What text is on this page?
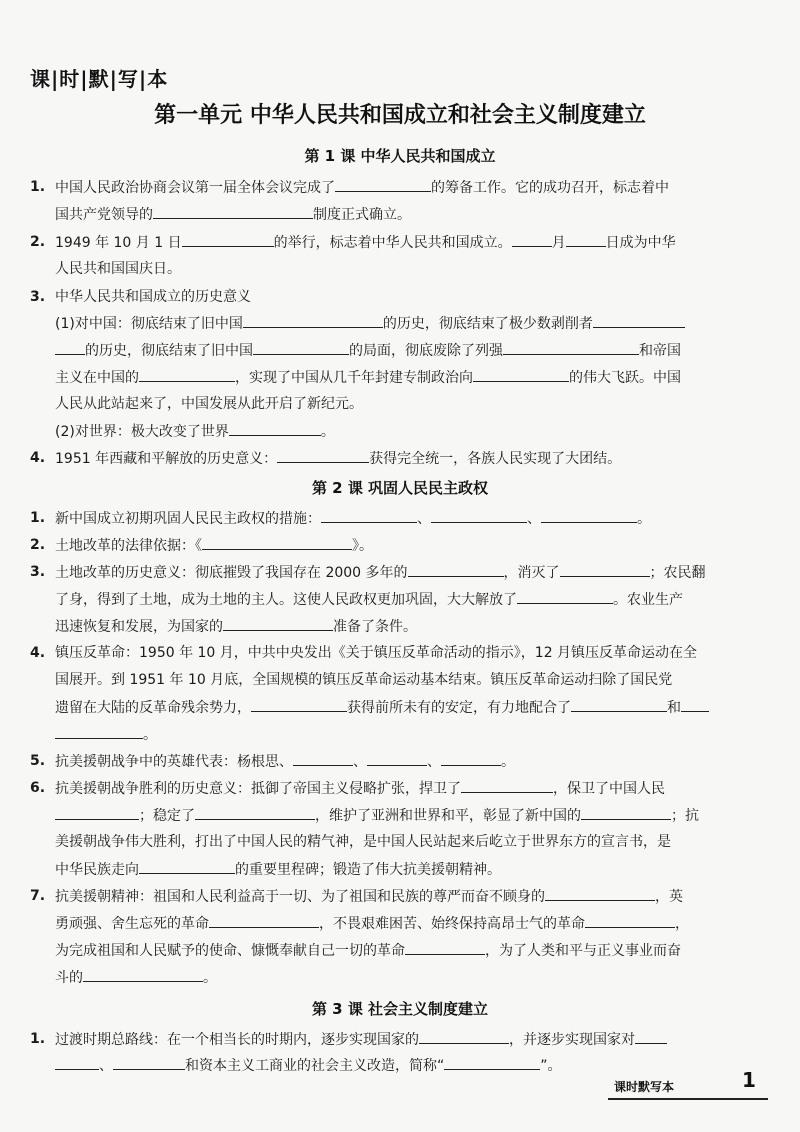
课|时|默|写|本
第一单元 中华人民共和国成立和社会主义制度建立
第 1 课 中华人民共和国成立
1. 中国人民政治协商会议第一届全体会议完成了	的筹备工作。它的成功召开，标志着中
国共产党领导的	制度正式确立。
2. 1949 年 10 月 1 日	的举行，标志着中华人民共和国成立。	月	日成为中华
人民共和国国庆日。
3. 中华人民共和国成立的历史意义
(1)对中国：彻底结束了旧中国	的历史，彻底结束了极少数剥削者
的历史，彻底结束了旧中国	的局面，彻底废除了列强	和帝国
主义在中国的	，实现了中国从几千年封建专制政治向	的伟大飞跃。中国
人民从此站起来了，中国发展从此开启了新纪元。
(2)对世界：极大改变了世界	。
4. 1951 年西藏和平解放的历史意义：	获得完全统一，各族人民实现了大团结。
第 2 课 巩固人民民主政权
1. 新中国成立初期巩固人民民主政权的措施：	、	、	。
2. 土地改革的法律依据：《	》。
3. 土地改革的历史意义：彻底摧毁了我国存在 2000 多年的	，消灭了	；农民翻
了身，得到了土地，成为土地的主人。这使人民政权更加巩固，大大解放了	。农业生产
迅速恢复和发展，为国家的	准备了条件。
4. 镇压反革命：1950 年 10 月，中共中央发出《关于镇压反革命活动的指示》，12 月镇压反革命运动在全
国展开。到 1951 年 10 月底，全国规模的镇压反革命运动基本结束。镇压反革命运动扫除了国民党
遗留在大陆的反革命残余势力，	获得前所未有的安定，有力地配合了	和
。
5. 抗美援朝战争中的英雄代表：杨根思、	、	、	。
6. 抗美援朝战争胜利的历史意义：抵御了帝国主义侵略扩张，捍卫了	，保卫了中国人民
；稳定了	，维护了亚洲和世界和平，彰显了新中国的	；抗
美援朝战争伟大胜利，打出了中国人民的精气神，是中国人民站起来后屹立于世界东方的宣言书，是
中华民族走向	的重要里程碑；锻造了伟大抗美援朝精神。
7. 抗美援朝精神：祖国和人民利益高于一切、为了祖国和民族的尊严而奋不顾身的	，英
勇顽强、舍生忘死的革命	，不畏艰难困苦、始终保持高昂士气的革命	，
为完成祖国和人民赋予的使命、慷慨奉献自己一切的革命	，为了人类和平与正义事业而奋
斗的	。
第 3 课 社会主义制度建立
1. 过渡时期总路线：在一个相当长的时期内，逐步实现国家的	，并逐步实现国家对
、	和资本主义工商业的社会主义改造，简称“	”。
课时默写本	1
